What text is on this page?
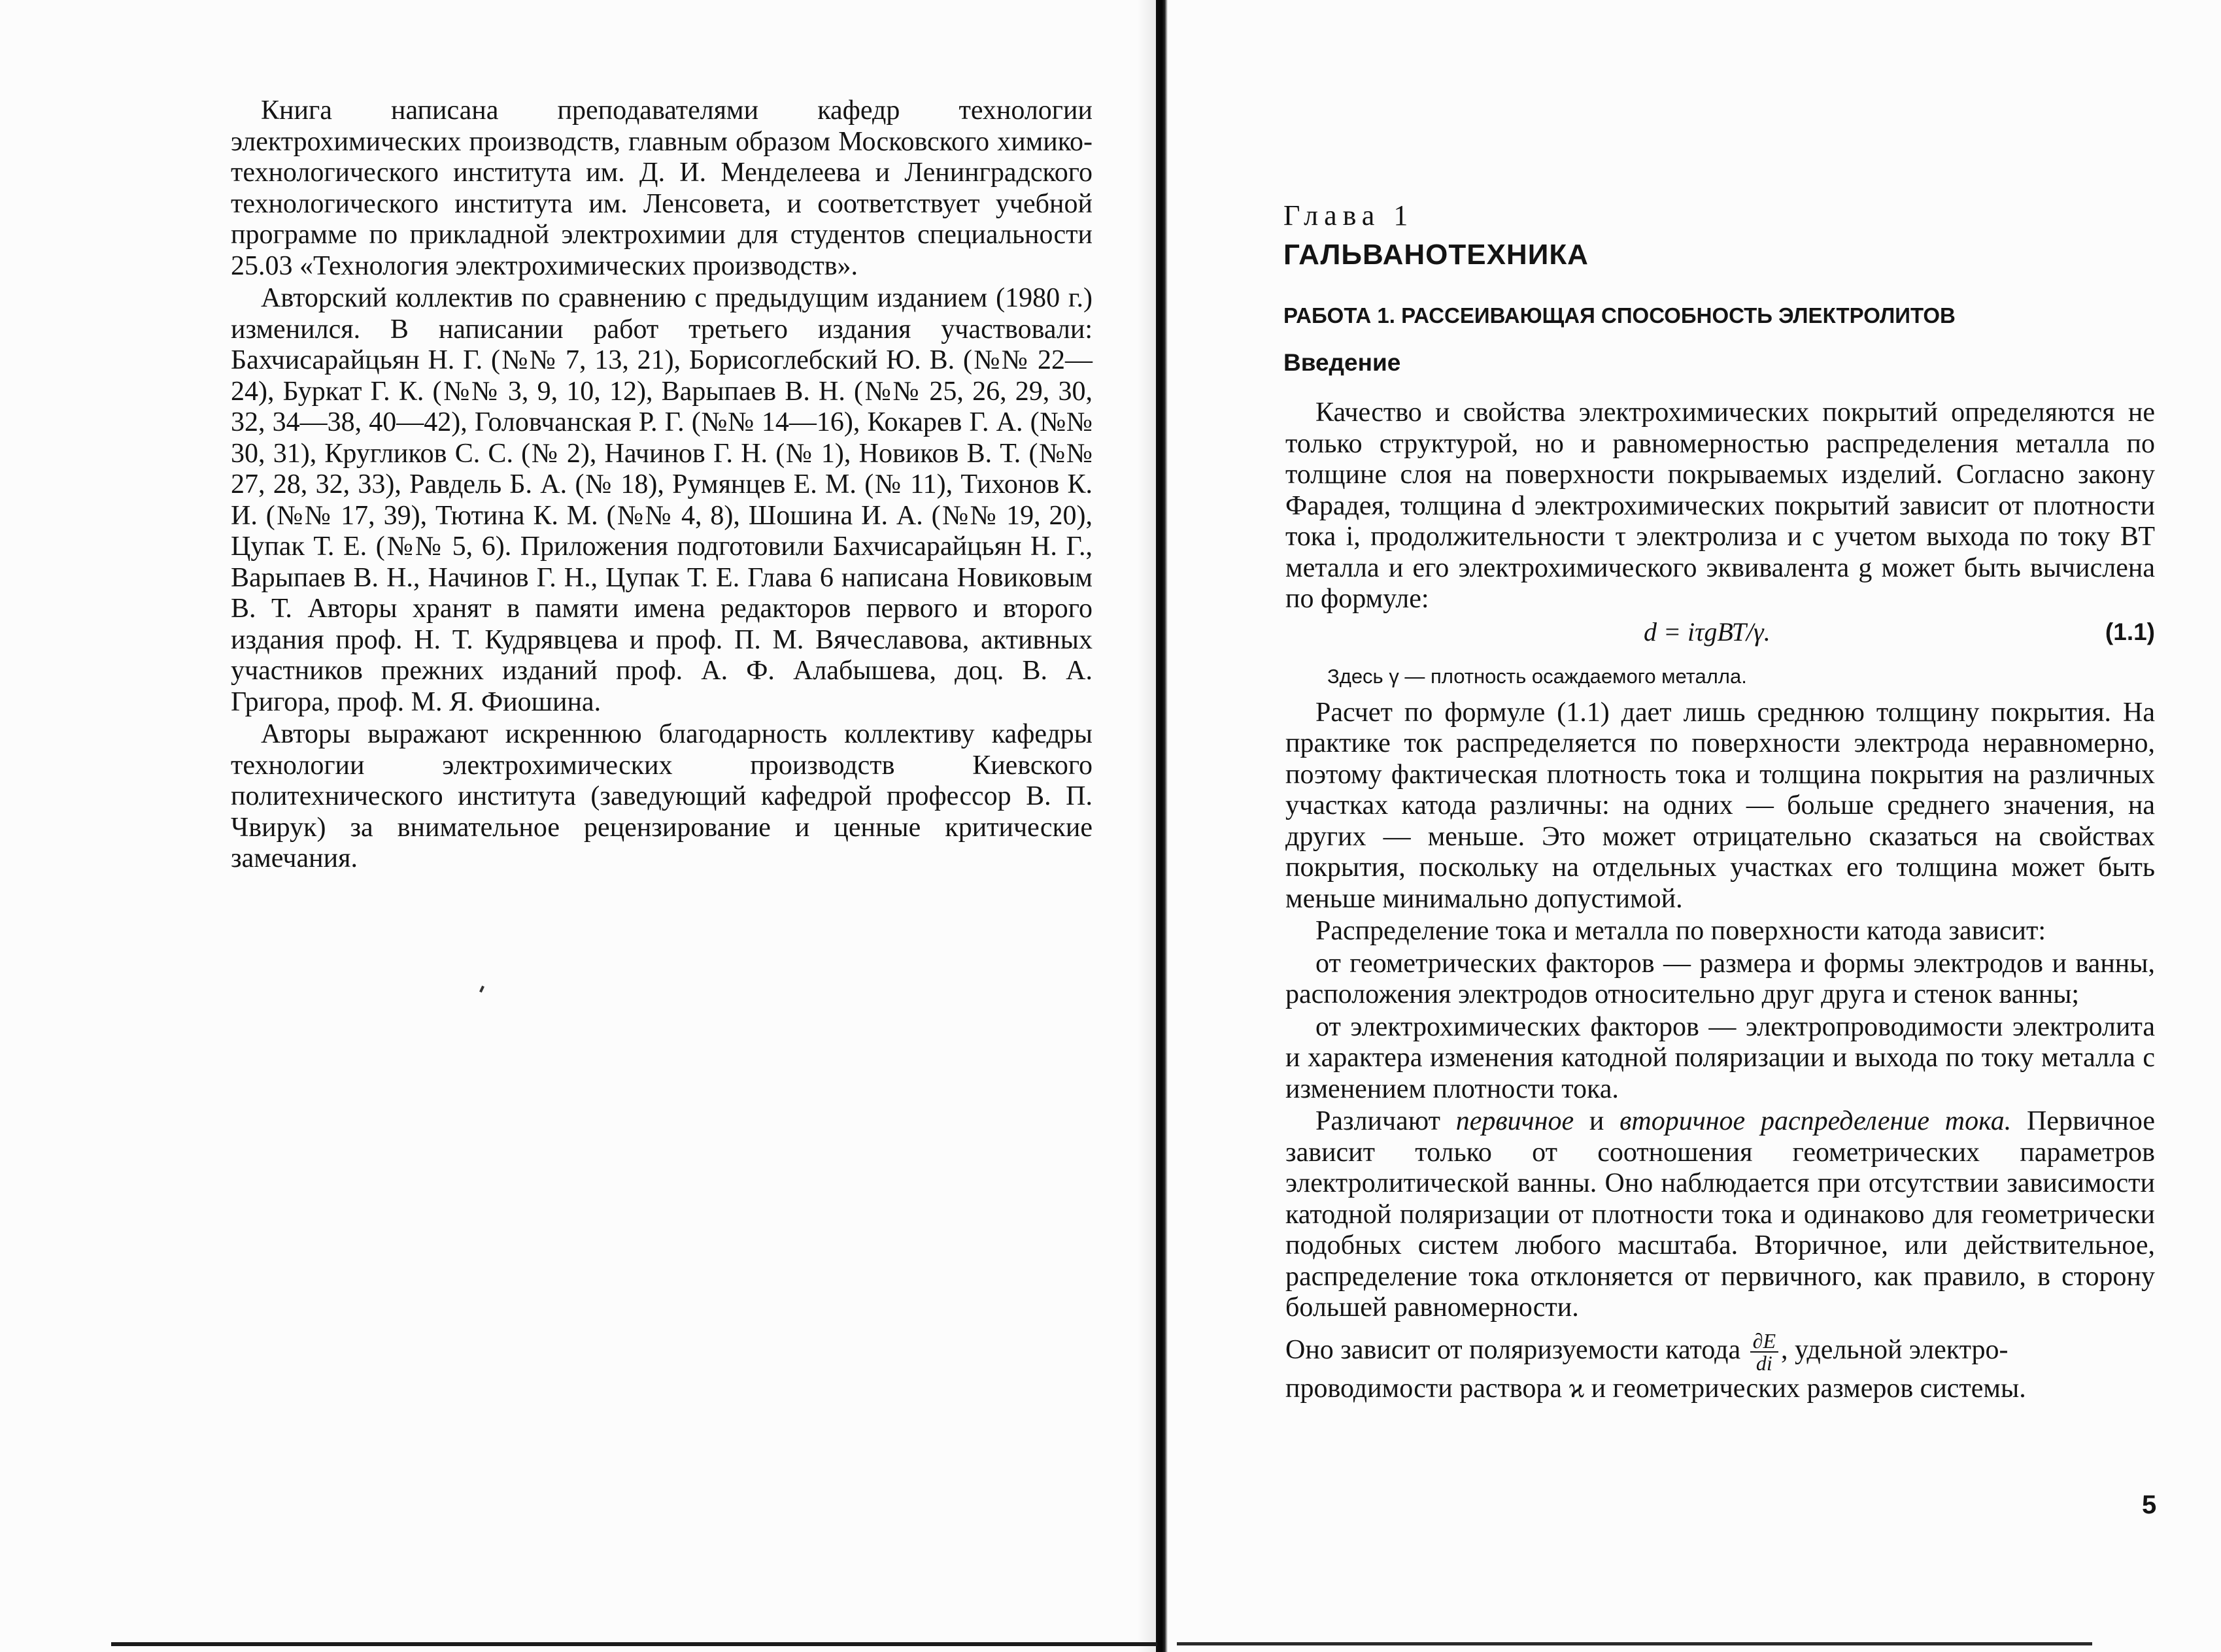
Книга написана преподавателями кафедр технологии электрохимических производств, главным образом Московского химико-технологического института им. Д. И. Менделеева и Ленинградского технологического института им. Ленсовета, и соответствует учебной программе по прикладной электрохимии для студентов специальности 25.03 «Технология электрохимических производств».

Авторский коллектив по сравнению с предыдущим изданием (1980 г.) изменился. В написании работ третьего издания участвовали: Бахчисарайцьян Н. Г. (№№ 7, 13, 21), Борисоглебский Ю. В. (№№ 22—24), Буркат Г. К. (№№ 3, 9, 10, 12), Варыпаев В. Н. (№№ 25, 26, 29, 30, 32, 34—38, 40—42), Головчанская Р. Г. (№№ 14—16), Кокарев Г. А. (№№ 30, 31), Кругликов С. С. (№ 2), Начинов Г. Н. (№ 1), Новиков В. Т. (№№ 27, 28, 32, 33), Равдель Б. А. (№ 18), Румянцев Е. М. (№ 11), Тихонов К. И. (№№ 17, 39), Тютина К. М. (№№ 4, 8), Шошина И. А. (№№ 19, 20), Цупак Т. Е. (№№ 5, 6). Приложения подготовили Бахчисарайцьян Н. Г., Варыпаев В. Н., Начинов Г. Н., Цупак Т. Е. Глава 6 написана Новиковым В. Т. Авторы хранят в памяти имена редакторов первого и второго издания проф. Н. Т. Кудрявцева и проф. П. М. Вячеславова, активных участников прежних изданий проф. А. Ф. Алабышева, доц. В. А. Григора, проф. М. Я. Фиошина.

Авторы выражают искреннюю благодарность коллективу кафедры технологии электрохимических производств Киевского политехнического института (заведующий кафедрой профессор В. П. Чвирук) за внимательное рецензирование и ценные критические замечания.

Глава 1
ГАЛЬВАНОТЕХНИКА
РАБОТА 1. РАССЕИВАЮЩАЯ СПОСОБНОСТЬ ЭЛЕКТРОЛИТОВ
Введение

Качество и свойства электрохимических покрытий определяются не только структурой, но и равномерностью распределения металла по толщине слоя на поверхности покрываемых изделий. Согласно закону Фарадея, толщина d электрохимических покрытий зависит от плотности тока i, продолжительности τ электролиза и с учетом выхода по току ВТ металла и его электрохимического эквивалента g может быть вычислена по формуле:

d = iτgВТ/γ.	(1.1)

Здесь γ — плотность осаждаемого металла.

Расчет по формуле (1.1) дает лишь среднюю толщину покрытия. На практике ток распределяется по поверхности электрода неравномерно, поэтому фактическая плотность тока и толщина покрытия на различных участках катода различны: на одних — больше среднего значения, на других — меньше. Это может отрицательно сказаться на свойствах покрытия, поскольку на отдельных участках его толщина может быть меньше минимально допустимой.

Распределение тока и металла по поверхности катода зависит:

от геометрических факторов — размера и формы электродов и ванны, расположения электродов относительно друг друга и стенок ванны;

от электрохимических факторов — электропроводимости электролита и характера изменения катодной поляризации и выхода по току металла с изменением плотности тока.

Различают первичное и вторичное распределение тока. Первичное зависит только от соотношения геометрических параметров электролитической ванны. Оно наблюдается при отсутствии зависимости катодной поляризации от плотности тока и одинаково для геометрически подобных систем любого масштаба. Вторичное, или действительное, распределение тока отклоняется от первичного, как правило, в сторону большей равномерности.

Оно зависит от поляризуемости катода $\frac{\partial E}{di}$ , удельной электро-

проводимости раствора ϰ и геометрических размеров системы.

5
